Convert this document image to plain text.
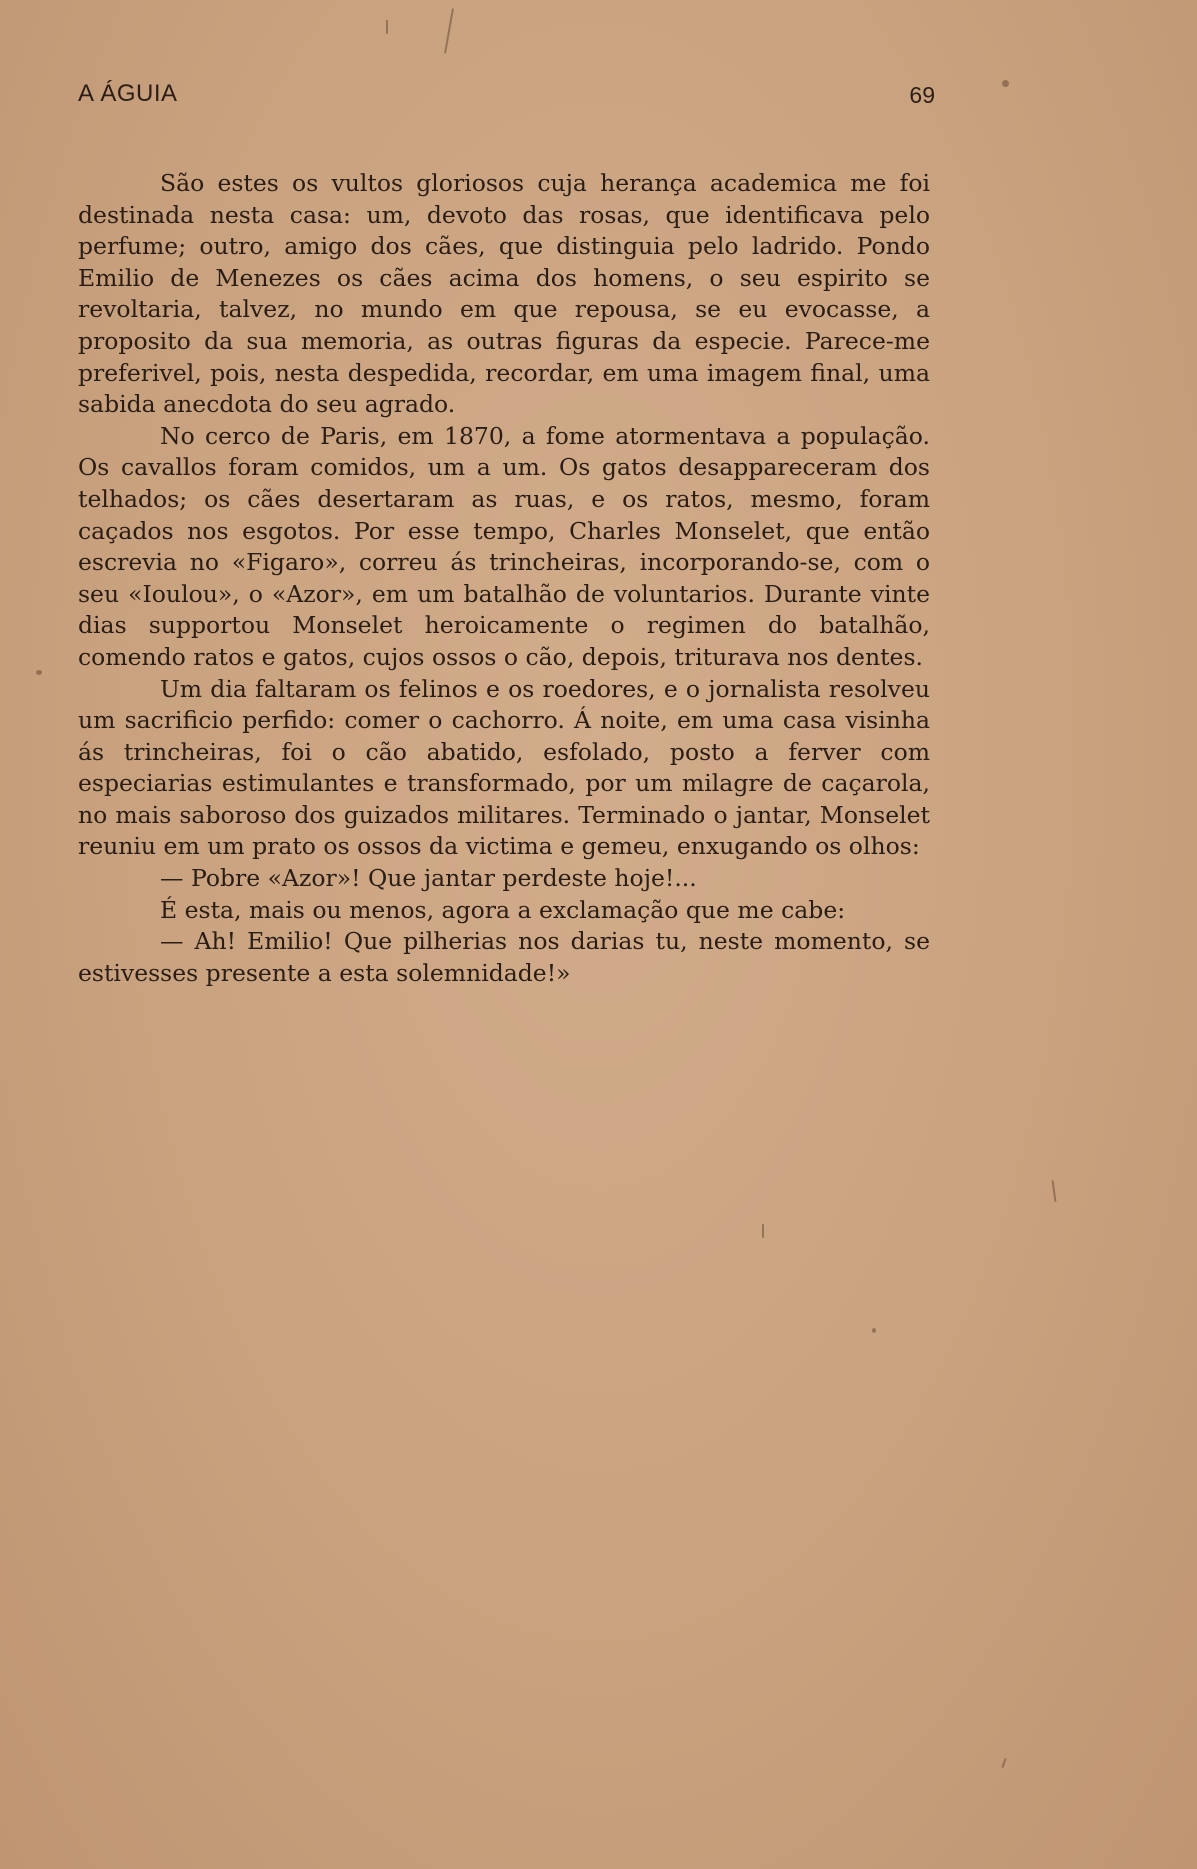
A ÁGUIA	69

São estes os vultos gloriosos cuja herança academica me foi destinada nesta casa: um, devoto das rosas, que identificava pelo perfume; outro, amigo dos cães, que distinguia pelo ladrido. Pondo Emilio de Menezes os cães acima dos homens, o seu espirito se revoltaria, talvez, no mundo em que repousa, se eu evocasse, a proposito da sua memoria, as outras figuras da especie. Parece-me preferivel, pois, nesta despedida, recordar, em uma imagem final, uma sabida anecdota do seu agrado.

No cerco de Paris, em 1870, a fome atormentava a população. Os cavallos foram comidos, um a um. Os gatos desappareceram dos telhados; os cães desertaram as ruas, e os ratos, mesmo, foram caçados nos esgotos. Por esse tempo, Charles Monselet, que então escrevia no «Figaro», correu ás trincheiras, incorporando-se, com o seu «Ioulou», o «Azor», em um batalhão de voluntarios. Durante vinte dias supportou Monselet heroicamente o regimen do batalhão, comendo ratos e gatos, cujos ossos o cão, depois, triturava nos dentes.

Um dia faltaram os felinos e os roedores, e o jornalista resolveu um sacrificio perfido: comer o cachorro. Á noite, em uma casa visinha ás trincheiras, foi o cão abatido, esfolado, posto a ferver com especiarias estimulantes e transformado, por um milagre de caçarola, no mais saboroso dos guizados militares. Terminado o jantar, Monselet reuniu em um prato os ossos da victima e gemeu, enxugando os olhos:

— Pobre «Azor»! Que jantar perdeste hoje!...

É esta, mais ou menos, agora a exclamação que me cabe:

— Ah! Emilio! Que pilherias nos darias tu, neste momento, se estivesses presente a esta solemnidade!»
